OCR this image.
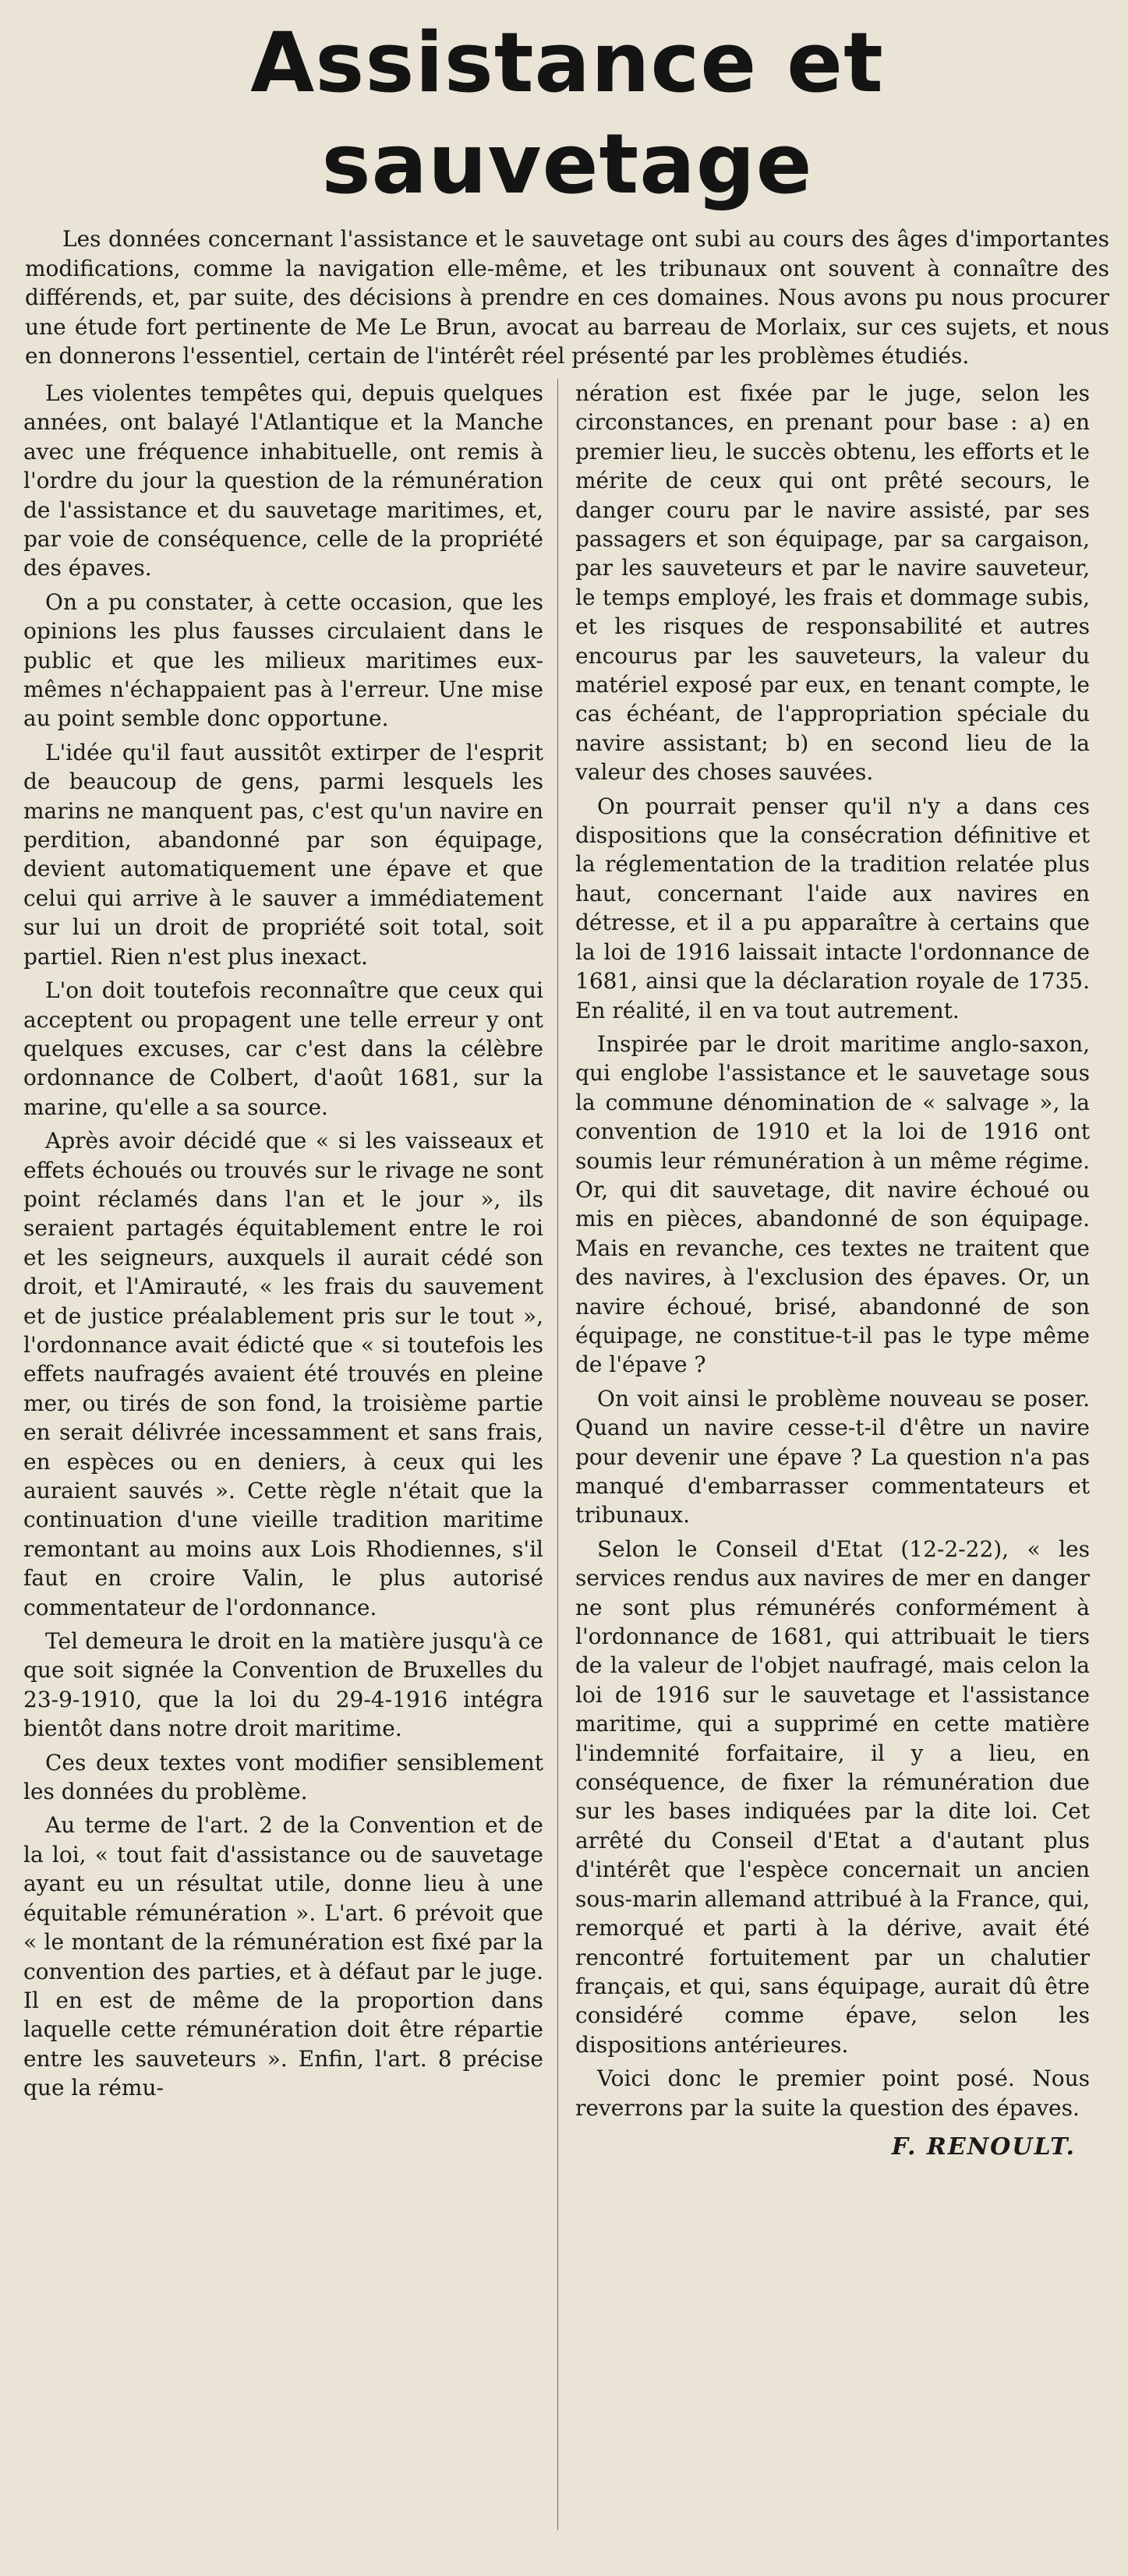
Assistance et sauvetage

Les données concernant l'assistance et le sauvetage ont subi au cours des âges d'importantes modifications, comme la navigation elle-même, et les tribunaux ont souvent à connaître des différends, et, par suite, des décisions à prendre en ces domaines. Nous avons pu nous procurer une étude fort pertinente de Me Le Brun, avocat au barreau de Morlaix, sur ces sujets, et nous en donnerons l'essentiel, certain de l'intérêt réel présenté par les problèmes étudiés.

Les violentes tempêtes qui, depuis quelques années, ont balayé l'Atlantique et la Manche avec une fréquence inhabituelle, ont remis à l'ordre du jour la question de la rémunération de l'assistance et du sauvetage maritimes, et, par voie de conséquence, celle de la propriété des épaves.

On a pu constater, à cette occasion, que les opinions les plus fausses circulaient dans le public et que les milieux maritimes eux-mêmes n'échappaient pas à l'erreur. Une mise au point semble donc opportune.

L'idée qu'il faut aussitôt extirper de l'esprit de beaucoup de gens, parmi lesquels les marins ne manquent pas, c'est qu'un navire en perdition, abandonné par son équipage, devient automatiquement une épave et que celui qui arrive à le sauver a immédiatement sur lui un droit de propriété soit total, soit partiel. Rien n'est plus inexact.

L'on doit toutefois reconnaître que ceux qui acceptent ou propagent une telle erreur y ont quelques excuses, car c'est dans la célèbre ordonnance de Colbert, d'août 1681, sur la marine, qu'elle a sa source.

Après avoir décidé que « si les vaisseaux et effets échoués ou trouvés sur le rivage ne sont point réclamés dans l'an et le jour », ils seraient partagés équitablement entre le roi et les seigneurs, auxquels il aurait cédé son droit, et l'Amirauté, « les frais du sauvement et de justice préalablement pris sur le tout », l'ordonnance avait édicté que « si toutefois les effets naufragés avaient été trouvés en pleine mer, ou tirés de son fond, la troisième partie en serait délivrée incessamment et sans frais, en espèces ou en deniers, à ceux qui les auraient sauvés ». Cette règle n'était que la continuation d'une vieille tradition maritime remontant au moins aux Lois Rhodiennes, s'il faut en croire Valin, le plus autorisé commentateur de l'ordonnance.

Tel demeura le droit en la matière jusqu'à ce que soit signée la Convention de Bruxelles du 23-9-1910, que la loi du 29-4-1916 intégra bientôt dans notre droit maritime.

Ces deux textes vont modifier sensiblement les données du problème.

Au terme de l'art. 2 de la Convention et de la loi, « tout fait d'assistance ou de sauvetage ayant eu un résultat utile, donne lieu à une équitable rémunération ». L'art. 6 prévoit que « le montant de la rémunération est fixé par la convention des parties, et à défaut par le juge. Il en est de même de la proportion dans laquelle cette rémunération doit être répartie entre les sauveteurs ». Enfin, l'art. 8 précise que la rému-

nération est fixée par le juge, selon les circonstances, en prenant pour base : a) en premier lieu, le succès obtenu, les efforts et le mérite de ceux qui ont prêté secours, le danger couru par le navire assisté, par ses passagers et son équipage, par sa cargaison, par les sauveteurs et par le navire sauveteur, le temps employé, les frais et dommage subis, et les risques de responsabilité et autres encourus par les sauveteurs, la valeur du matériel exposé par eux, en tenant compte, le cas échéant, de l'appropriation spéciale du navire assistant; b) en second lieu de la valeur des choses sauvées.

On pourrait penser qu'il n'y a dans ces dispositions que la consécration définitive et la réglementation de la tradition relatée plus haut, concernant l'aide aux navires en détresse, et il a pu apparaître à certains que la loi de 1916 laissait intacte l'ordonnance de 1681, ainsi que la déclaration royale de 1735. En réalité, il en va tout autrement.

Inspirée par le droit maritime anglo-saxon, qui englobe l'assistance et le sauvetage sous la commune dénomination de « salvage », la convention de 1910 et la loi de 1916 ont soumis leur rémunération à un même régime. Or, qui dit sauvetage, dit navire échoué ou mis en pièces, abandonné de son équipage. Mais en revanche, ces textes ne traitent que des navires, à l'exclusion des épaves. Or, un navire échoué, brisé, abandonné de son équipage, ne constitue-t-il pas le type même de l'épave ?

On voit ainsi le problème nouveau se poser. Quand un navire cesse-t-il d'être un navire pour devenir une épave ? La question n'a pas manqué d'embarrasser commentateurs et tribunaux.

Selon le Conseil d'Etat (12-2-22), « les services rendus aux navires de mer en danger ne sont plus rémunérés conformément à l'ordonnance de 1681, qui attribuait le tiers de la valeur de l'objet naufragé, mais celon la loi de 1916 sur le sauvetage et l'assistance maritime, qui a supprimé en cette matière l'indemnité forfaitaire, il y a lieu, en conséquence, de fixer la rémunération due sur les bases indiquées par la dite loi. Cet arrêté du Conseil d'Etat a d'autant plus d'intérêt que l'espèce concernait un ancien sous-marin allemand attribué à la France, qui, remorqué et parti à la dérive, avait été rencontré fortuitement par un chalutier français, et qui, sans équipage, aurait dû être considéré comme épave, selon les dispositions antérieures.

Voici donc le premier point posé. Nous reverrons par la suite la question des épaves.

F. RENOULT.
